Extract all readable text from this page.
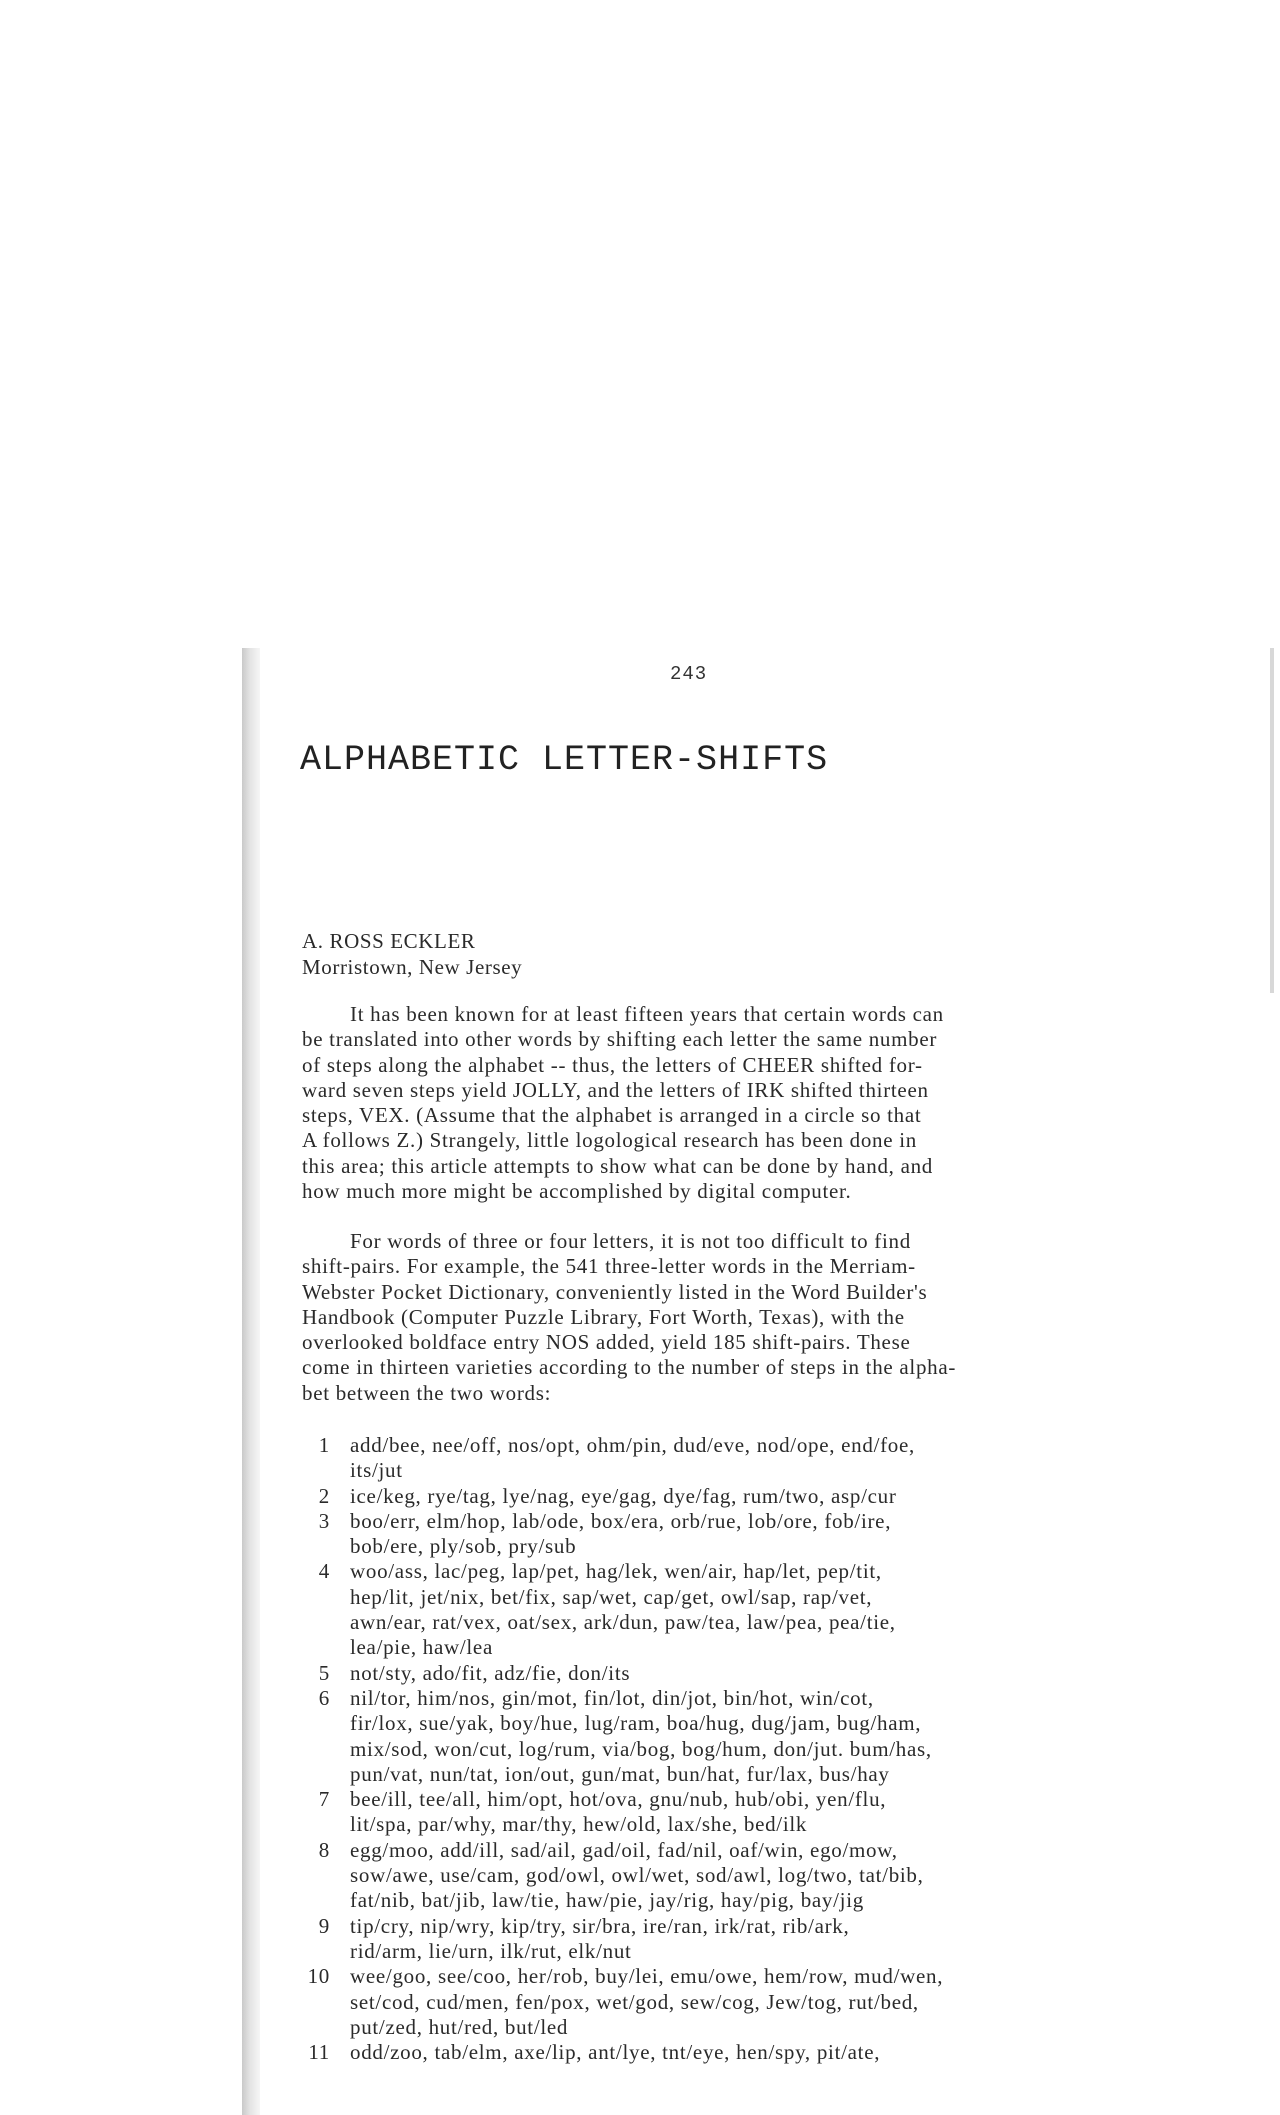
243
ALPHABETIC LETTER-SHIFTS
A. ROSS ECKLER
Morristown, New Jersey

It has been known for at least fifteen years that certain words can
be translated into other words by shifting each letter the same number
of steps along the alphabet -- thus, the letters of CHEER shifted for-
ward seven steps yield JOLLY, and the letters of IRK shifted thirteen
steps, VEX. (Assume that the alphabet is arranged in a circle so that
A follows Z.) Strangely, little logological research has been done in
this area; this article attempts to show what can be done by hand, and
how much more might be accomplished by digital computer.

For words of three or four letters, it is not too difficult to find
shift-pairs. For example, the 541 three-letter words in the Merriam-
Webster Pocket Dictionary, conveniently listed in the Word Builder's
Handbook (Computer Puzzle Library, Fort Worth, Texas), with the
overlooked boldface entry NOS added, yield 185 shift-pairs. These
come in thirteen varieties according to the number of steps in the alpha-
bet between the two words:

1 add/bee, nee/off, nos/opt, ohm/pin, dud/eve, nod/ope, end/foe,
its/jut
2 ice/keg, rye/tag, lye/nag, eye/gag, dye/fag, rum/two, asp/cur
3 boo/err, elm/hop, lab/ode, box/era, orb/rue, lob/ore, fob/ire,
bob/ere, ply/sob, pry/sub
4 woo/ass, lac/peg, lap/pet, hag/lek, wen/air, hap/let, pep/tit,
hep/lit, jet/nix, bet/fix, sap/wet, cap/get, owl/sap, rap/vet,
awn/ear, rat/vex, oat/sex, ark/dun, paw/tea, law/pea, pea/tie,
lea/pie, haw/lea
5 not/sty, ado/fit, adz/fie, don/its
6 nil/tor, him/nos, gin/mot, fin/lot, din/jot, bin/hot, win/cot,
fir/lox, sue/yak, boy/hue, lug/ram, boa/hug, dug/jam, bug/ham,
mix/sod, won/cut, log/rum, via/bog, bog/hum, don/jut. bum/has,
pun/vat, nun/tat, ion/out, gun/mat, bun/hat, fur/lax, bus/hay
7 bee/ill, tee/all, him/opt, hot/ova, gnu/nub, hub/obi, yen/flu,
lit/spa, par/why, mar/thy, hew/old, lax/she, bed/ilk
8 egg/moo, add/ill, sad/ail, gad/oil, fad/nil, oaf/win, ego/mow,
sow/awe, use/cam, god/owl, owl/wet, sod/awl, log/two, tat/bib,
fat/nib, bat/jib, law/tie, haw/pie, jay/rig, hay/pig, bay/jig
9 tip/cry, nip/wry, kip/try, sir/bra, ire/ran, irk/rat, rib/ark,
rid/arm, lie/urn, ilk/rut, elk/nut
10 wee/goo, see/coo, her/rob, buy/lei, emu/owe, hem/row, mud/wen,
set/cod, cud/men, fen/pox, wet/god, sew/cog, Jew/tog, rut/bed,
put/zed, hut/red, but/led
11 odd/zoo, tab/elm, axe/lip, ant/lye, tnt/eye, hen/spy, pit/ate,
